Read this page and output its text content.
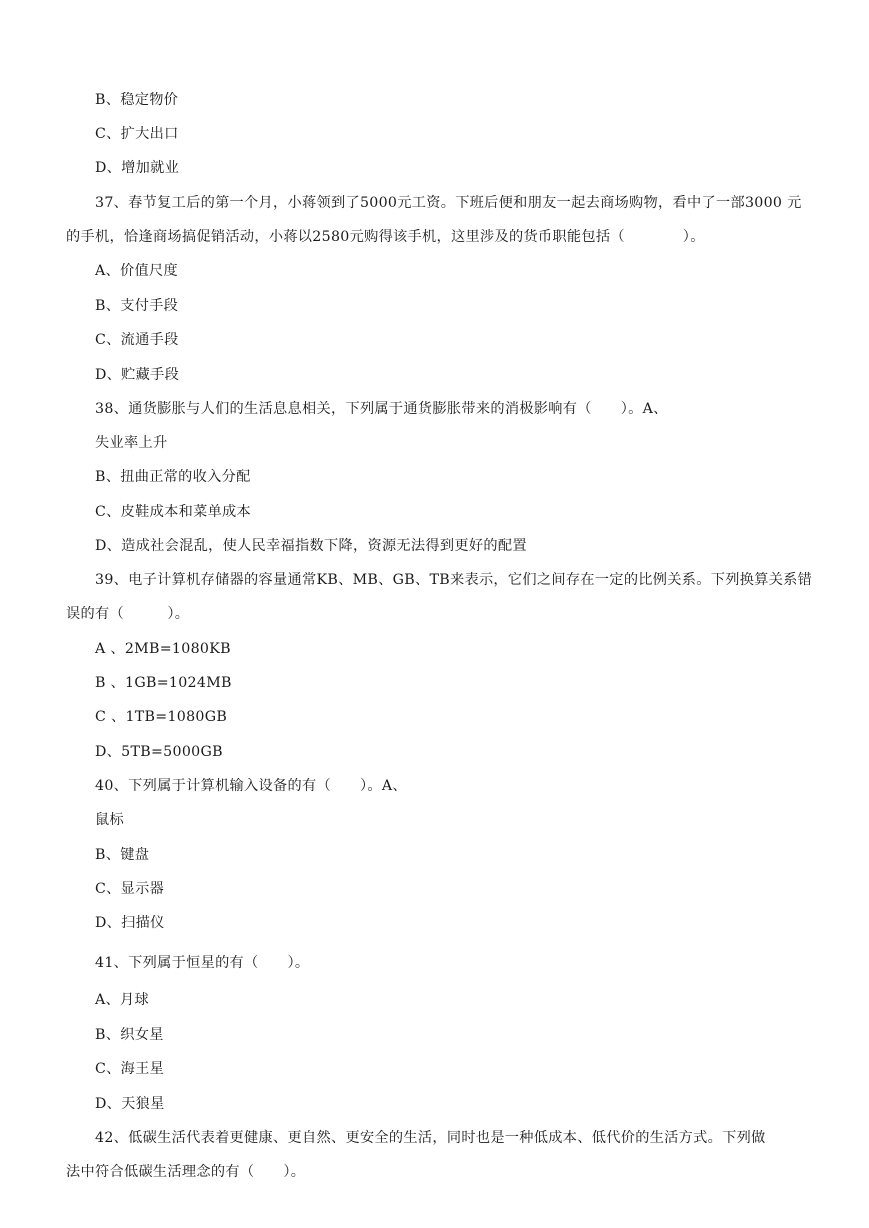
B、稳定物价
C、扩大出口
D、增加就业
37、春节复工后的第一个月，小蒋领到了5000元工资。下班后便和朋友一起去商场购物，看中了一部3000 元
的手机，恰逢商场搞促销活动，小蒋以2580元购得该手机，这里涉及的货币职能包括（　　　　）。
A、价值尺度
B、支付手段
C、流通手段
D、贮藏手段
38、通货膨胀与人们的生活息息相关，下列属于通货膨胀带来的消极影响有（　　）。A、
失业率上升
B、扭曲正常的收入分配
C、皮鞋成本和菜单成本
D、造成社会混乱，使人民幸福指数下降，资源无法得到更好的配置
39、电子计算机存储器的容量通常KB、MB、GB、TB来表示，它们之间存在一定的比例关系。下列换算关系错
误的有（　　　）。
A 、2MB=1080KB
B 、1GB=1024MB
C 、1TB=1080GB
D、5TB=5000GB
40、下列属于计算机输入设备的有（　　）。A、
鼠标
B、键盘
C、显示器
D、扫描仪
41、下列属于恒星的有（　　）。
A、月球
B、织女星
C、海王星
D、天狼星
42、低碳生活代表着更健康、更自然、更安全的生活，同时也是一种低成本、低代价的生活方式。下列做
法中符合低碳生活理念的有（　　）。
